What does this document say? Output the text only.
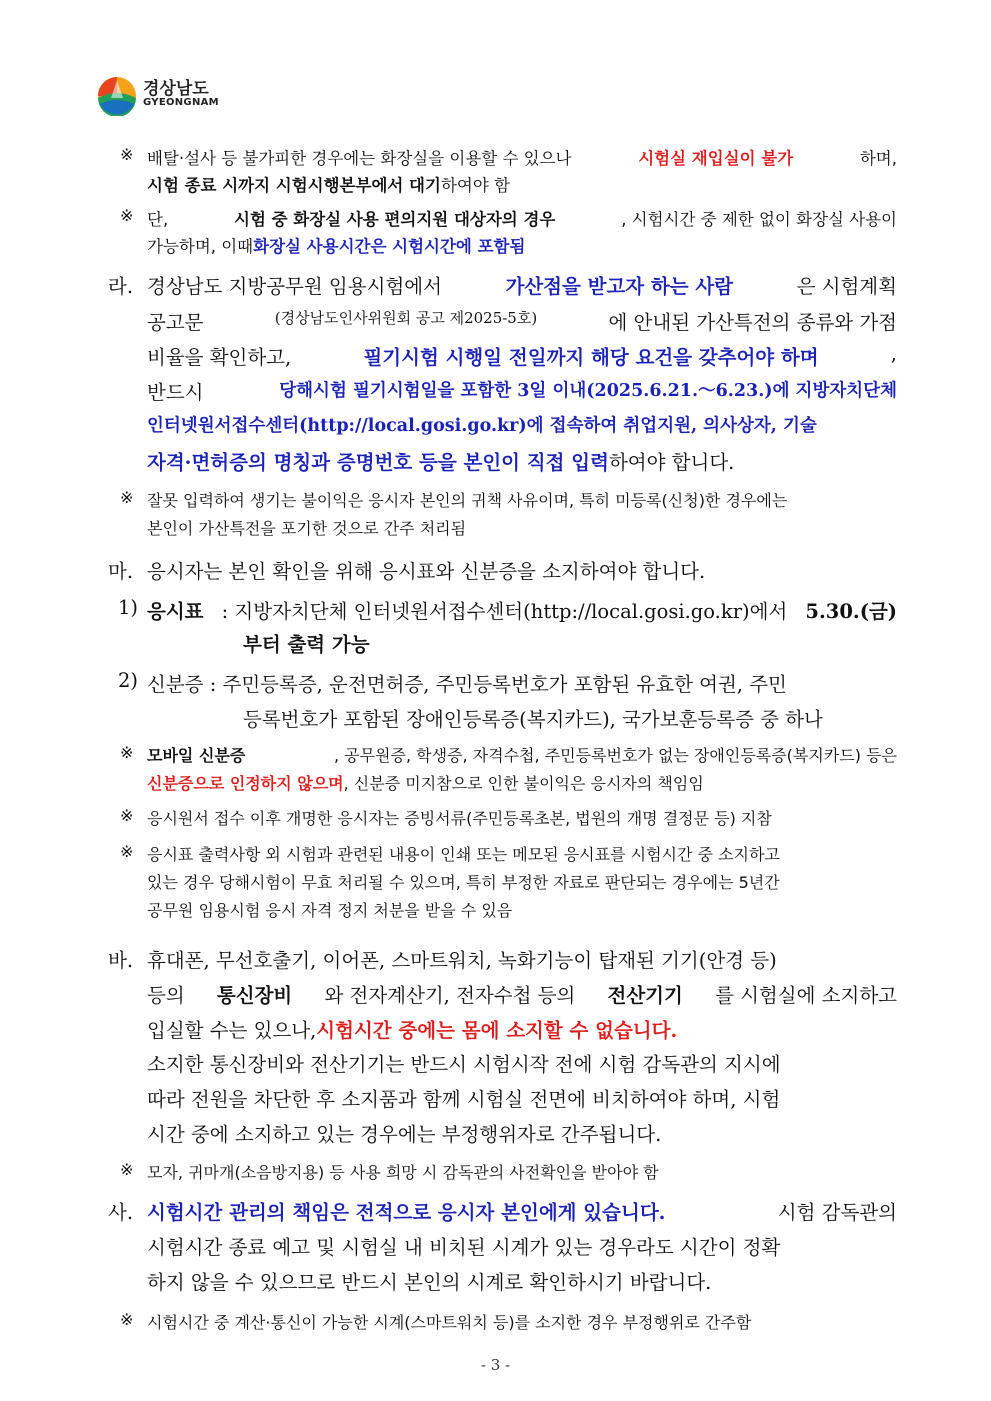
경상남도
GYEONGNAM
※ 배탈·설사 등 불가피한 경우에는 화장실을 이용할 수 있으나	시험실 재입실이 불가	하며,
시험 종료 시까지 시험시행본부에서 대기 하여야 함
※ 단,	시험 중 화장실 사용 편의지원 대상자의 경우	, 시험시간 중 제한 없이 화장실 사용이
가능하며, 이때 화장실 사용시간은 시험시간에 포함됨
라. 경상남도 지방공무원 임용시험에서	가산점을 받고자 하는 사람	은 시험계획
공고문	(경상남도인사위원회 공고 제2025-5호)	에 안내된 가산특전의 종류와 가점
비율을 확인하고,	필기시험 시행일 전일까지 해당 요건을 갖추어야 하며	,
반드시	당해시험 필기시험일을 포함한 3일 이내(2025.6.21.～6.23.)에 지방자치단체
인터넷원서접수센터(http://local.gosi.go.kr)에 접속하여 취업지원, 의사상자, 기술
자격·면허증의 명칭과 증명번호 등을 본인이 직접 입력 하여야 합니다.
※ 잘못 입력하여 생기는 불이익은 응시자 본인의 귀책 사유이며, 특히 미등록(신청)한 경우에는
본인이 가산특전을 포기한 것으로 간주 처리됨
마. 응시자는 본인 확인을 위해 응시표와 신분증을 소지하여야 합니다.
1) 응시표 : 지방자치단체 인터넷원서접수센터(http://local.gosi.go.kr)에서 5.30.(금)
부터 출력 가능
2) 신분증 : 주민등록증, 운전면허증, 주민등록번호가 포함된 유효한 여권, 주민
등록번호가 포함된 장애인등록증(복지카드), 국가보훈등록증 중 하나
※ 모바일 신분증	, 공무원증, 학생증, 자격수첩, 주민등록번호가 없는 장애인등록증(복지카드) 등은
신분증으로 인정하지 않으며 , 신분증 미지참으로 인한 불이익은 응시자의 책임임
※ 응시원서 접수 이후 개명한 응시자는 증빙서류(주민등록초본, 법원의 개명 결정문 등) 지참
※ 응시표 출력사항 외 시험과 관련된 내용이 인쇄 또는 메모된 응시표를 시험시간 중 소지하고
있는 경우 당해시험이 무효 처리될 수 있으며, 특히 부정한 자료로 판단되는 경우에는 5년간
공무원 임용시험 응시 자격 정지 처분을 받을 수 있음
바. 휴대폰, 무선호출기, 이어폰, 스마트워치, 녹화기능이 탑재된 기기(안경 등)
등의 통신장비 와 전자계산기, 전자수첩 등의 전산기기 를 시험실에 소지하고
입실할 수는 있으나, 시험시간 중에는 몸에 소지할 수 없습니다.
소지한 통신장비와 전산기기는 반드시 시험시작 전에 시험 감독관의 지시에
따라 전원을 차단한 후 소지품과 함께 시험실 전면에 비치하여야 하며, 시험
시간 중에 소지하고 있는 경우에는 부정행위자로 간주됩니다.
※ 모자, 귀마개(소음방지용) 등 사용 희망 시 감독관의 사전확인을 받아야 함
사. 시험시간 관리의 책임은 전적으로 응시자 본인에게 있습니다.	시험 감독관의
시험시간 종료 예고 및 시험실 내 비치된 시계가 있는 경우라도 시간이 정확
하지 않을 수 있으므로 반드시 본인의 시계로 확인하시기 바랍니다.
※ 시험시간 중 계산·통신이 가능한 시계(스마트워치 등)를 소지한 경우 부정행위로 간주함
- 3 -
